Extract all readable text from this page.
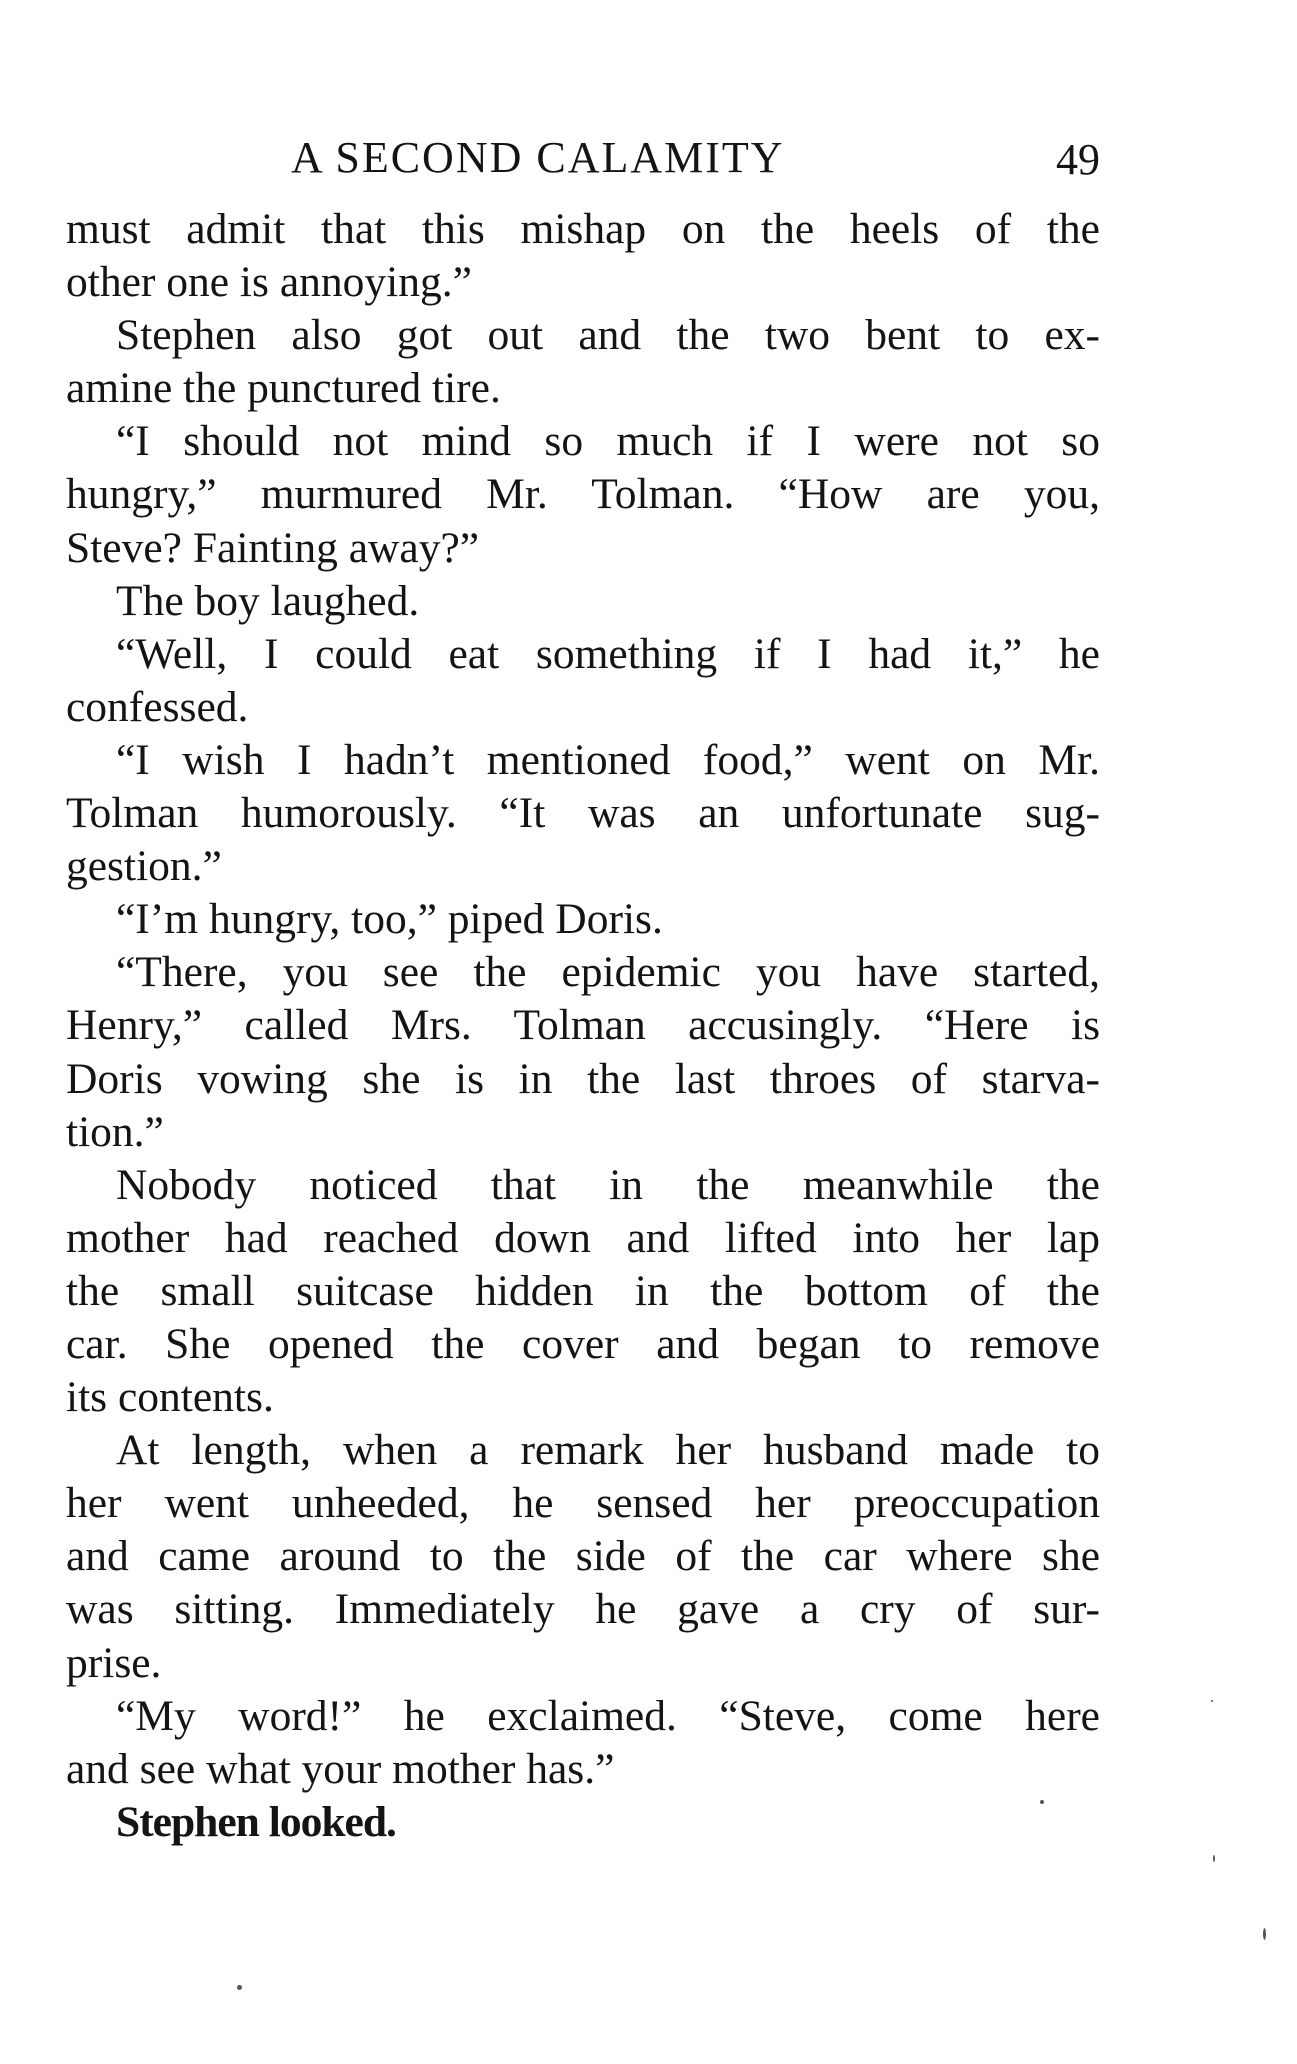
A SECOND CALAMITY	49
must admit that this mishap on the heels of the
other one is annoying.”
Stephen also got out and the two bent to ex-
amine the punctured tire.
“I should not mind so much if I were not so
hungry,” murmured Mr. Tolman. “How are you,
Steve? Fainting away?”
The boy laughed.
“Well, I could eat something if I had it,” he
confessed.
“I wish I hadn’t mentioned food,” went on Mr.
Tolman humorously. “It was an unfortunate sug-
gestion.”
“I’m hungry, too,” piped Doris.
“There, you see the epidemic you have started,
Henry,” called Mrs. Tolman accusingly. “Here is
Doris vowing she is in the last throes of starva-
tion.”
Nobody noticed that in the meanwhile the
mother had reached down and lifted into her lap
the small suitcase hidden in the bottom of the
car. She opened the cover and began to remove
its contents.
At length, when a remark her husband made to
her went unheeded, he sensed her preoccupation
and came around to the side of the car where she
was sitting. Immediately he gave a cry of sur-
prise.
“My word!” he exclaimed. “Steve, come here
and see what your mother has.”
Stephen looked.
